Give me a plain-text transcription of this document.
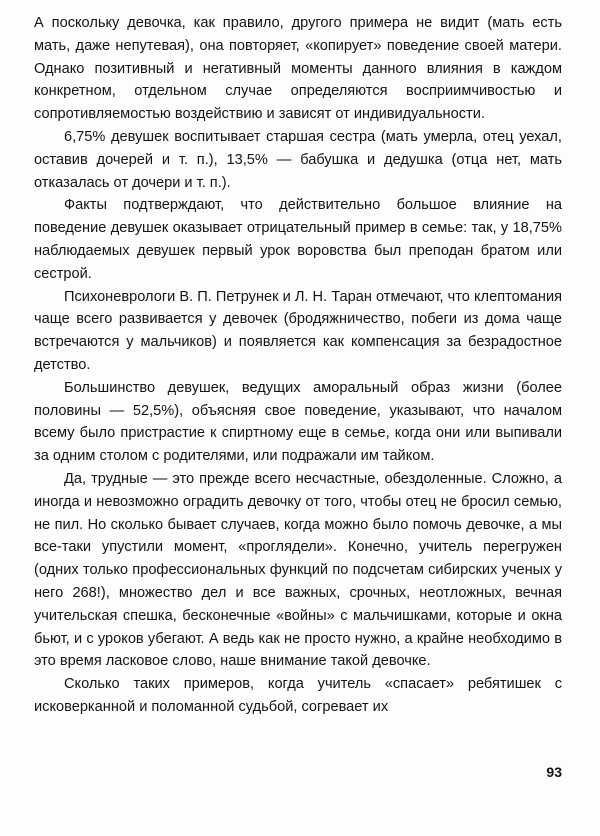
А поскольку девочка, как правило, другого примера не видит (мать есть мать, даже непутевая), она повторяет, «копирует» поведение своей матери. Однако позитивный и негативный моменты данного влияния в каждом конкретном, отдельном случае определяются восприимчивостью и сопротивляемостью воздействию и зависят от индивидуальности.

6,75% девушек воспитывает старшая сестра (мать умерла, отец уехал, оставив дочерей и т. п.), 13,5% — бабушка и дедушка (отца нет, мать отказалась от дочери и т. п.).

Факты подтверждают, что действительно большое влияние на поведение девушек оказывает отрицательный пример в семье: так, у 18,75% наблюдаемых девушек первый урок воровства был преподан братом или сестрой.

Психоневрологи В. П. Петрунек и Л. Н. Таран отмечают, что клептомания чаще всего развивается у девочек (бродяжничество, побеги из дома чаще встречаются у мальчиков) и появляется как компенсация за безрадостное детство.

Большинство девушек, ведущих аморальный образ жизни (более половины — 52,5%), объясняя свое поведение, указывают, что началом всему было пристрастие к спиртному еще в семье, когда они или выпивали за одним столом с родителями, или подражали им тайком.

Да, трудные — это прежде всего несчастные, обездоленные. Сложно, а иногда и невозможно оградить девочку от того, чтобы отец не бросил семью, не пил. Но сколько бывает случаев, когда можно было помочь девочке, а мы все-таки упустили момент, «проглядели». Конечно, учитель перегружен (одних только профессиональных функций по подсчетам сибирских ученых у него 268!), множество дел и все важных, срочных, неотложных, вечная учительская спешка, бесконечные «войны» с мальчишками, которые и окна бьют, и с уроков убегают. А ведь как не просто нужно, а крайне необходимо в это время ласковое слово, наше внимание такой девочке.

Сколько таких примеров, когда учитель «спасает» ребятишек с исковерканной и поломанной судьбой, согревает их

93
